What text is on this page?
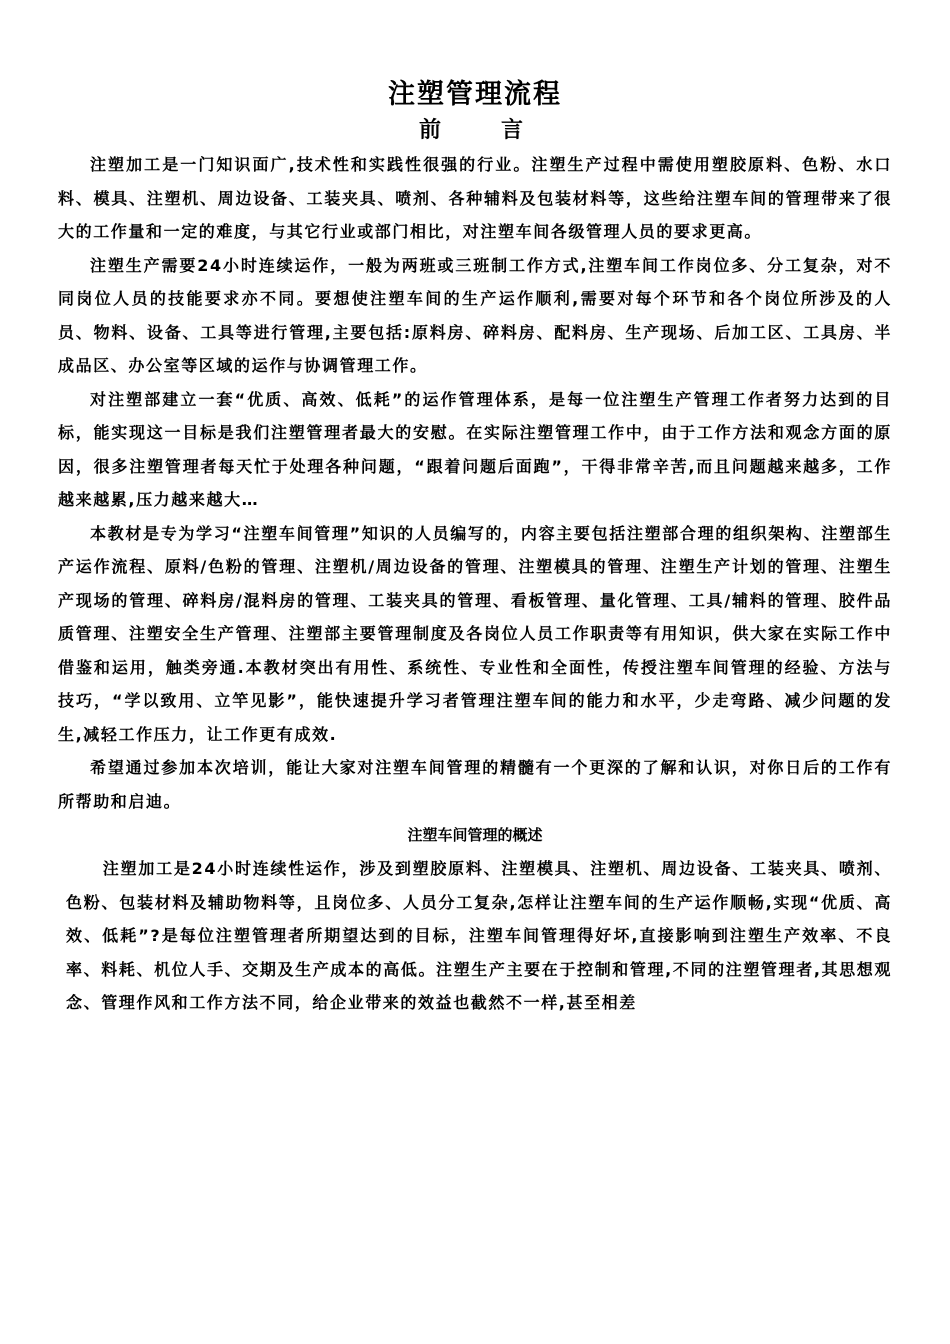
注塑管理流程
前言

注塑加工是一门知识面广,技术性和实践性很强的行业。注塑生产过程中需使用塑胶原料、色粉、水口料、模具、注塑机、周边设备、工装夹具、喷剂、各种辅料及包装材料等，这些给注塑车间的管理带来了很大的工作量和一定的难度，与其它行业或部门相比，对注塑车间各级管理人员的要求更高。

注塑生产需要24小时连续运作，一般为两班或三班制工作方式,注塑车间工作岗位多、分工复杂，对不同岗位人员的技能要求亦不同。要想使注塑车间的生产运作顺利,需要对每个环节和各个岗位所涉及的人员、物料、设备、工具等进行管理,主要包括:原料房、碎料房、配料房、生产现场、后加工区、工具房、半成品区、办公室等区域的运作与协调管理工作。

对注塑部建立一套“优质、高效、低耗”的运作管理体系，是每一位注塑生产管理工作者努力达到的目标，能实现这一目标是我们注塑管理者最大的安慰。在实际注塑管理工作中，由于工作方法和观念方面的原因，很多注塑管理者每天忙于处理各种问题，“跟着问题后面跑”，干得非常辛苦,而且问题越来越多，工作越来越累,压力越来越大…

本教材是专为学习“注塑车间管理”知识的人员编写的，内容主要包括注塑部合理的组织架构、注塑部生产运作流程、原料/色粉的管理、注塑机/周边设备的管理、注塑模具的管理、注塑生产计划的管理、注塑生产现场的管理、碎料房/混料房的管理、工装夹具的管理、看板管理、量化管理、工具/辅料的管理、胶件品质管理、注塑安全生产管理、注塑部主要管理制度及各岗位人员工作职责等有用知识，供大家在实际工作中借鉴和运用，触类旁通.本教材突出有用性、系统性、专业性和全面性，传授注塑车间管理的经验、方法与技巧，“学以致用、立竿见影”，能快速提升学习者管理注塑车间的能力和水平，少走弯路、减少问题的发生,减轻工作压力，让工作更有成效.

希望通过参加本次培训，能让大家对注塑车间管理的精髓有一个更深的了解和认识，对你日后的工作有所帮助和启迪。

注塑车间管理的概述

注塑加工是24小时连续性运作，涉及到塑胶原料、注塑模具、注塑机、周边设备、工装夹具、喷剂、色粉、包装材料及辅助物料等，且岗位多、人员分工复杂,怎样让注塑车间的生产运作顺畅,实现“优质、高效、低耗”?是每位注塑管理者所期望达到的目标，注塑车间管理得好坏,直接影响到注塑生产效率、不良率、料耗、机位人手、交期及生产成本的高低。注塑生产主要在于控制和管理,不同的注塑管理者,其思想观念、管理作风和工作方法不同，给企业带来的效益也截然不一样,甚至相差
